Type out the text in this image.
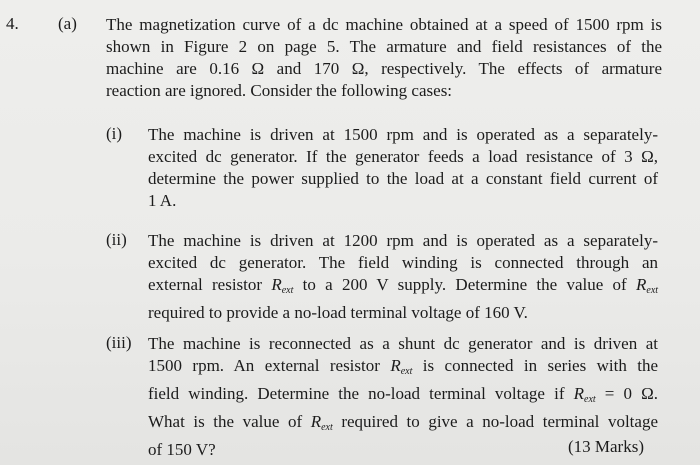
4. (a) The magnetization curve of a dc machine obtained at a speed of 1500 rpm is
shown in Figure 2 on page 5. The armature and field resistances of the
machine are 0.16 Ω and 170 Ω, respectively. The effects of armature
reaction are ignored. Consider the following cases:
(i) The machine is driven at 1500 rpm and is operated as a separately-
excited dc generator. If the generator feeds a load resistance of 3 Ω,
determine the power supplied to the load at a constant field current of
1 A.
(ii) The machine is driven at 1200 rpm and is operated as a separately-
excited dc generator. The field winding is connected through an
external resistor $R_{ext}$ to a 200 V supply. Determine the value of $R_{ext}$
required to provide a no-load terminal voltage of 160 V.
(iii) The machine is reconnected as a shunt dc generator and is driven at
1500 rpm. An external resistor $R_{ext}$ is connected in series with the
field winding. Determine the no-load terminal voltage if $R_{ext} = 0$ Ω.
What is the value of $R_{ext}$ required to give a no-load terminal voltage
of 150 V?	(13 Marks)
